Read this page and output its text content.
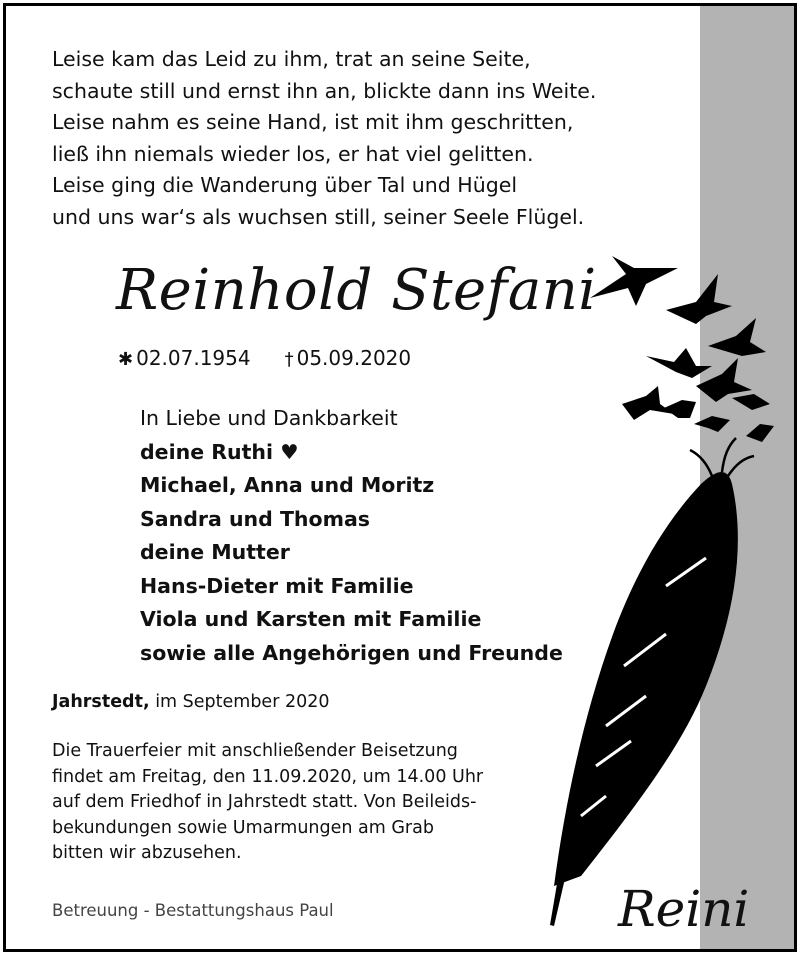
Leise kam das Leid zu ihm, trat an seine Seite,
schaute still und ernst ihn an, blickte dann ins Weite.
Leise nahm es seine Hand, ist mit ihm geschritten,
ließ ihn niemals wieder los, er hat viel gelitten.
Leise ging die Wanderung über Tal und Hügel
und uns war‘s als wuchsen still, seiner Seele Flügel.
Reinhold Stefani
✱ 02.07.1954 † 05.09.2020
In Liebe und Dankbarkeit
deine Ruthi ♥
Michael, Anna und Moritz
Sandra und Thomas
deine Mutter
Hans-Dieter mit Familie
Viola und Karsten mit Familie
sowie alle Angehörigen und Freunde
Jahrstedt, im September 2020
Die Trauerfeier mit anschließender Beisetzung
findet am Freitag, den 11.09.2020, um 14.00 Uhr
auf dem Friedhof in Jahrstedt statt. Von Beileids-
bekundungen sowie Umarmungen am Grab
bitten wir abzusehen.
Betreuung - Bestattungshaus Paul	Reini
